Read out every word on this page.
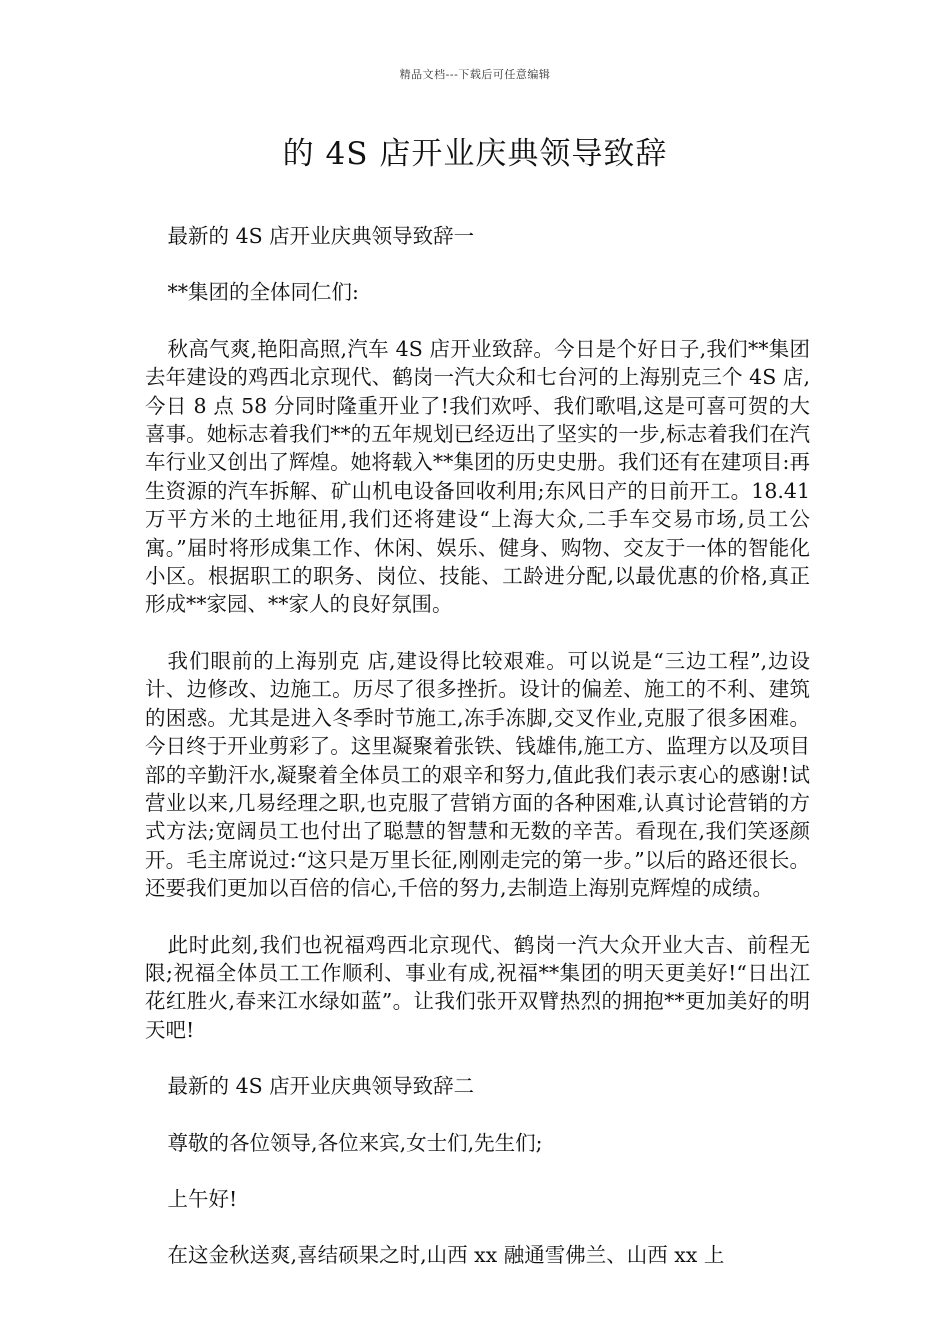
精品文档---下载后可任意编辑
的 4S 店开业庆典领导致辞

最新的 4S 店开业庆典领导致辞一

**集团的全体同仁们:

秋高气爽,艳阳高照,汽车 4S 店开业致辞。今日是个好日子,我们**集团去年建设的鸡西北京现代、鹤岗一汽大众和七台河的上海别克三个 4S 店,今日 8 点 58 分同时隆重开业了!我们欢呼、我们歌唱,这是可喜可贺的大喜事。她标志着我们**的五年规划已经迈出了坚实的一步,标志着我们在汽车行业又创出了辉煌。她将载入**集团的历史史册。我们还有在建项目:再生资源的汽车拆解、矿山机电设备回收利用;东风日产的日前开工。18.41 万平方米的土地征用,我们还将建设“上海大众,二手车交易市场,员工公寓。”届时将形成集工作、休闲、娱乐、健身、购物、交友于一体的智能化小区。根据职工的职务、岗位、技能、工龄进分配,以最优惠的价格,真正形成**家园、**家人的良好氛围。

我们眼前的上海别克 店,建设得比较艰难。可以说是“三边工程”,边设计、边修改、边施工。历尽了很多挫折。设计的偏差、施工的不利、建筑的困惑。尤其是进入冬季时节施工,冻手冻脚,交叉作业,克服了很多困难。今日终于开业剪彩了。这里凝聚着张铁、钱雄伟,施工方、监理方以及项目部的辛勤汗水,凝聚着全体员工的艰辛和努力,值此我们表示衷心的感谢!试营业以来,几易经理之职,也克服了营销方面的各种困难,认真讨论营销的方式方法;宽阔员工也付出了聪慧的智慧和无数的辛苦。看现在,我们笑逐颜开。毛主席说过:“这只是万里长征,刚刚走完的第一步。”以后的路还很长。还要我们更加以百倍的信心,千倍的努力,去制造上海别克辉煌的成绩。

此时此刻,我们也祝福鸡西北京现代、鹤岗一汽大众开业大吉、前程无限;祝福全体员工工作顺利、事业有成,祝福**集团的明天更美好!“日出江花红胜火,春来江水绿如蓝”。让我们张开双臂热烈的拥抱**更加美好的明天吧!

最新的 4S 店开业庆典领导致辞二

尊敬的各位领导,各位来宾,女士们,先生们;

上午好!

在这金秋送爽,喜结硕果之时,山西 xx 融通雪佛兰、山西 xx 上
